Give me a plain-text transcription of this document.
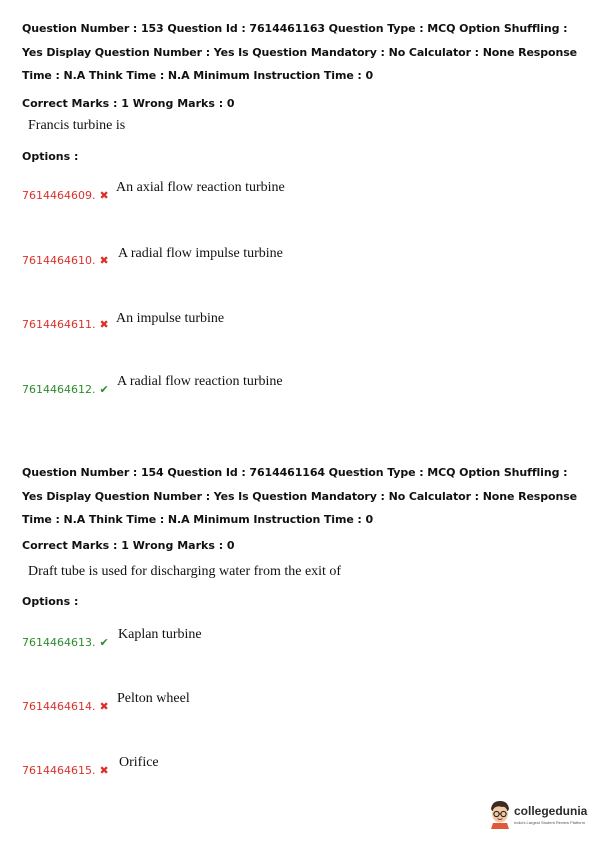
Question Number : 153 Question Id : 7614461163 Question Type : MCQ Option Shuffling : Yes Display Question Number : Yes Is Question Mandatory : No Calculator : None Response Time : N.A Think Time : N.A Minimum Instruction Time : 0
Correct Marks : 1 Wrong Marks : 0
Francis turbine is
Options :
7614464609. ✖
An axial flow reaction turbine
7614464610. ✖ A radial flow impulse turbine
7614464611. ✖ An impulse turbine
7614464612. ✔
A radial flow reaction turbine
Question Number : 154 Question Id : 7614461164 Question Type : MCQ Option Shuffling : Yes Display Question Number : Yes Is Question Mandatory : No Calculator : None Response Time : N.A Think Time : N.A Minimum Instruction Time : 0
Correct Marks : 1 Wrong Marks : 0
Draft tube is used for discharging water from the exit of
Options :
7614464613. ✔
Kaplan turbine
7614464614. ✖
Pelton wheel
7614464615. ✖
Orifice
collegedunia
India's Largest Student Review Platform
